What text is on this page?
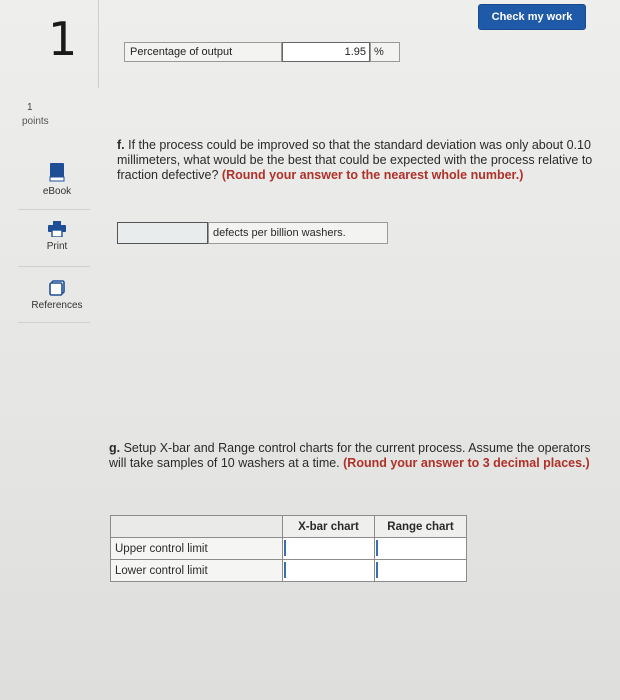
Check my work
1
1
points
eBook
Print
References
Percentage of output	1.95 %
f. If the process could be improved so that the standard deviation was only about 0.10 millimeters, what would be the best that could be expected with the process relative to fraction defective? (Round your answer to the nearest whole number.)
defects per billion washers.
g. Setup X-bar and Range control charts for the current process. Assume the operators will take samples of 10 washers at a time. (Round your answer to 3 decimal places.)
	X-bar chart	Range chart
Upper control limit		
Lower control limit		
